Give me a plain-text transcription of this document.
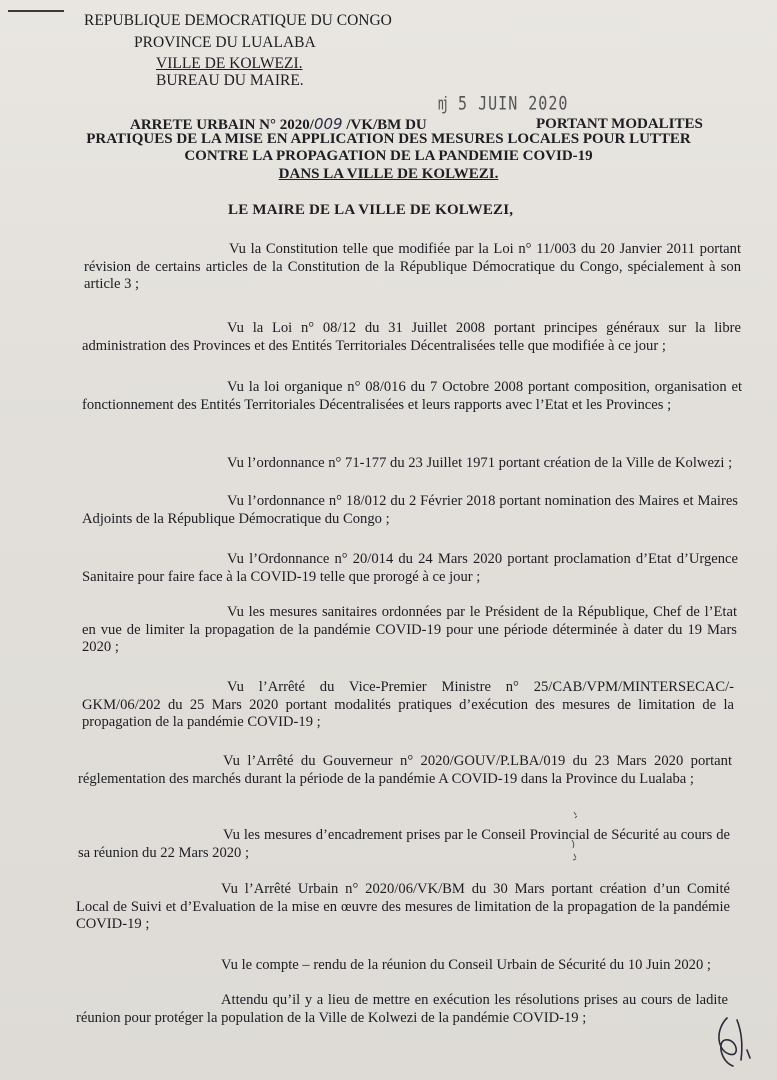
REPUBLIQUE DEMOCRATIQUE DU CONGO
PROVINCE DU LUALABA
VILLE DE KOLWEZI.
BUREAU DU MAIRE.
ǌ 5 JUIN 2020
ARRETE URBAIN N° 2020/009 /VK/BM DU	PORTANT MODALITES
PRATIQUES DE LA MISE EN APPLICATION DES MESURES LOCALES POUR LUTTER
CONTRE LA PROPAGATION DE LA PANDEMIE COVID-19
DANS LA VILLE DE KOLWEZI.
LE MAIRE DE LA VILLE DE KOLWEZI,
Vu la Constitution telle que modifiée par la Loi n° 11/003 du 20 Janvier 2011 portant révision de certains articles de la Constitution de la République Démocratique du Congo, spécialement à son article 3 ;
Vu la Loi n° 08/12 du 31 Juillet 2008 portant principes généraux sur la libre administration des Provinces et des Entités Territoriales Décentralisées telle que modifiée à ce jour ;
Vu la loi organique n° 08/016 du 7 Octobre 2008 portant composition, organisation et fonctionnement des Entités Territoriales Décentralisées et leurs rapports avec l’Etat et les Provinces ;
Vu l’ordonnance n° 71-177 du 23 Juillet 1971 portant création de la Ville de Kolwezi ;
Vu l’ordonnance n° 18/012 du 2 Février 2018 portant nomination des Maires et Maires Adjoints de la République Démocratique du Congo ;
Vu l’Ordonnance n° 20/014 du 24 Mars 2020 portant proclamation d’Etat d’Urgence Sanitaire pour faire face à la COVID-19 telle que prorogé à ce jour ;
Vu les mesures sanitaires ordonnées par le Président de la République, Chef de l’Etat en vue de limiter la propagation de la pandémie COVID-19 pour une période déterminée à dater du 19 Mars 2020 ;
Vu l’Arrêté du Vice-Premier Ministre n° 25/CAB/VPM/MINTERSECAC/- GKM/06/202 du 25 Mars 2020 portant modalités pratiques d’exécution des mesures de limitation de la propagation de la pandémie COVID-19 ;
Vu l’Arrêté du Gouverneur n° 2020/GOUV/P.LBA/019 du 23 Mars 2020 portant réglementation des marchés durant la période de la pandémie A COVID-19 dans la Province du Lualaba ;
Vu les mesures d’encadrement prises par le Conseil Provincial de Sécurité au cours de sa réunion du 22 Mars 2020 ;
Vu l’Arrêté Urbain n° 2020/06/VK/BM du 30 Mars portant création d’un Comité Local de Suivi et d’Evaluation de la mise en œuvre des mesures de limitation de la propagation de la pandémie COVID-19 ;
Vu le compte – rendu de la réunion du Conseil Urbain de Sécurité du 10 Juin 2020 ;
Attendu qu’il y a lieu de mettre en exécution les résolutions prises au cours de ladite réunion pour protéger la population de la Ville de Kolwezi de la pandémie COVID-19 ;
